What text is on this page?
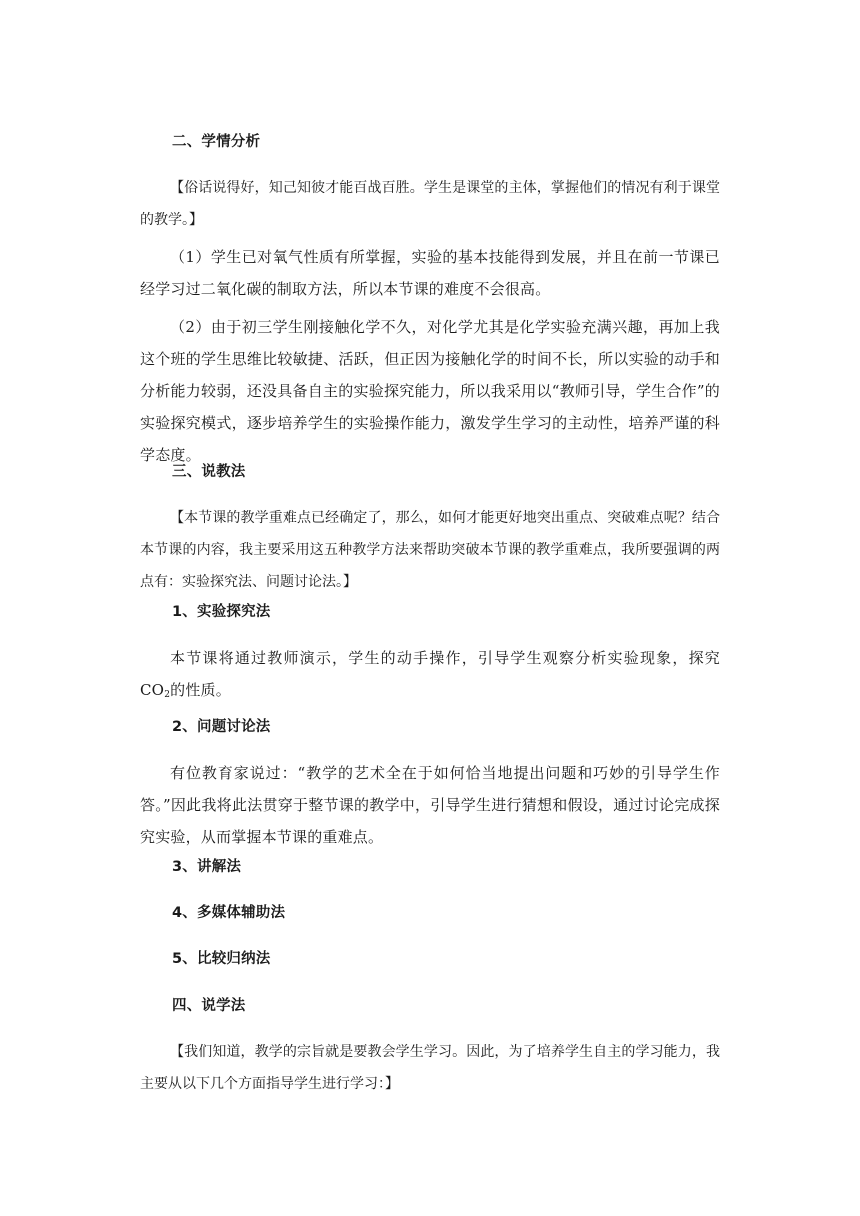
二、学情分析
【俗话说得好，知己知彼才能百战百胜。学生是课堂的主体，掌握他们的情况有利于课堂的教学。】
（1）学生已对氧气性质有所掌握，实验的基本技能得到发展，并且在前一节课已经学习过二氧化碳的制取方法，所以本节课的难度不会很高。
（2）由于初三学生刚接触化学不久，对化学尤其是化学实验充满兴趣，再加上我这个班的学生思维比较敏捷、活跃，但正因为接触化学的时间不长，所以实验的动手和分析能力较弱，还没具备自主的实验探究能力，所以我采用以“教师引导，学生合作”的实验探究模式，逐步培养学生的实验操作能力，激发学生学习的主动性，培养严谨的科学态度。
三、说教法
【本节课的教学重难点已经确定了，那么，如何才能更好地突出重点、突破难点呢？结合本节课的内容，我主要采用这五种教学方法来帮助突破本节课的教学重难点，我所要强调的两点有：实验探究法、问题讨论法。】
1、实验探究法
本节课将通过教师演示，学生的动手操作，引导学生观察分析实验现象，探究 $CO_2$的性质。
2、问题讨论法
有位教育家说过：“教学的艺术全在于如何恰当地提出问题和巧妙的引导学生作答。”因此我将此法贯穿于整节课的教学中，引导学生进行猜想和假设，通过讨论完成探究实验，从而掌握本节课的重难点。
3、讲解法
4、多媒体辅助法
5、比较归纳法
四、说学法
【我们知道，教学的宗旨就是要教会学生学习。因此，为了培养学生自主的学习能力，我主要从以下几个方面指导学生进行学习：】
